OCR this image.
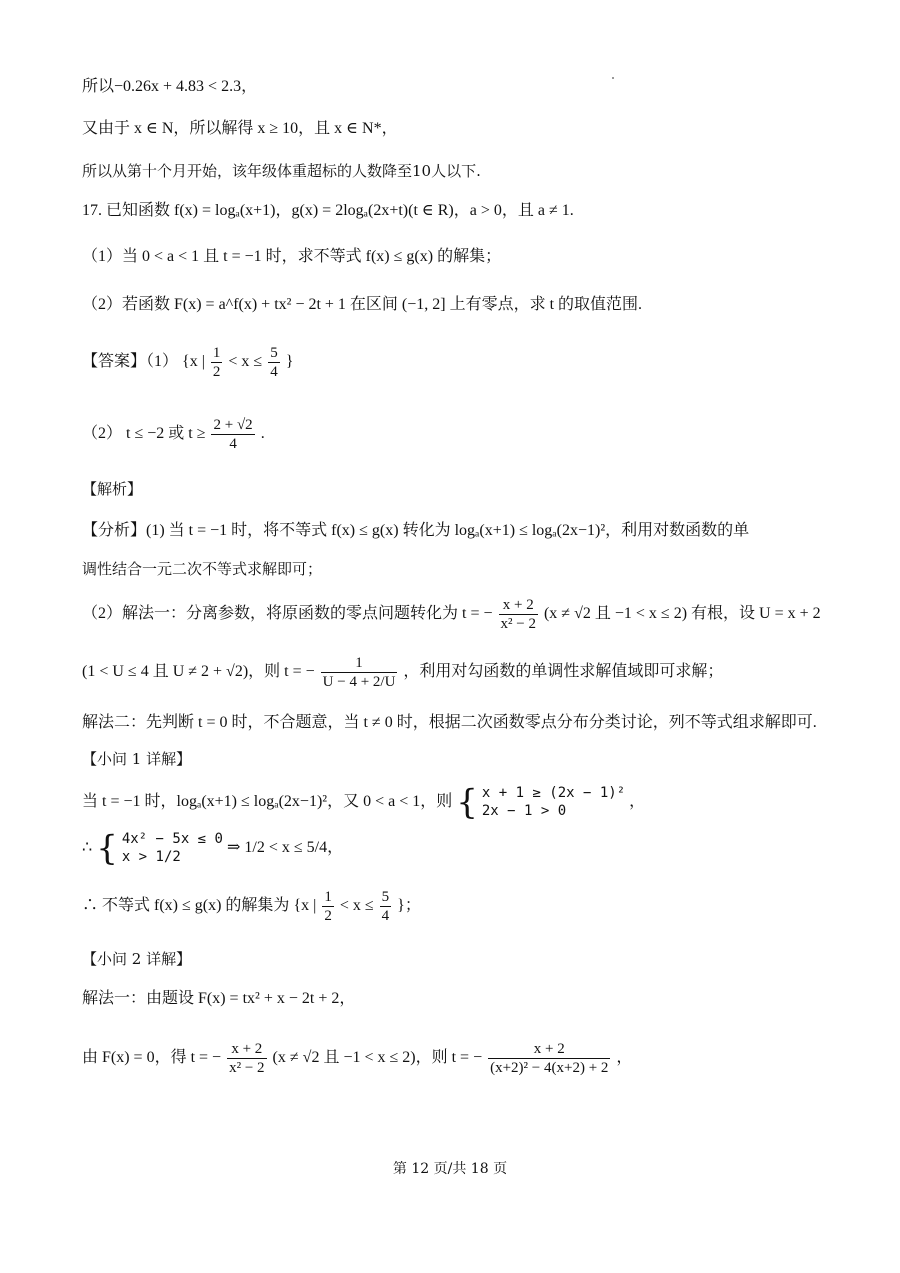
所以−0.26x + 4.83 < 2.3，
又由于 x ∈ N，所以解得 x ≥ 10，且 x ∈ N*，
所以从第十个月开始，该年级体重超标的人数降至10人以下.
17. 已知函数 f(x) = logₐ(x+1)，g(x) = 2logₐ(2x+t)(t ∈ R)，a > 0，且 a ≠ 1.
（1）当 0 < a < 1 且 t = −1 时，求不等式 f(x) ≤ g(x) 的解集；
（2）若函数 F(x) = a^f(x) + tx² − 2t + 1 在区间 (−1, 2] 上有零点，求 t 的取值范围.
【答案】（1） {x | $\frac{1}{2} < x \le \frac{5}{4}$ }
（2） t ≤ −2 或 $t \ge \frac{2 + √2}{4}$ .
【解析】
【分析】(1) 当 t = −1 时，将不等式 f(x) ≤ g(x) 转化为 logₐ(x+1) ≤ logₐ(2x−1)²，利用对数函数的单
调性结合一元二次不等式求解即可；
（2）解法一：分离参数，将原函数的零点问题转化为 t = − $\frac{x + 2}{\text{x² − 2}} (x \ne √2$ 且 −1 < x ≤ 2) 有根，设 U = x + 2
(1 < U ≤ 4 且 U ≠ 2 + √2)，则 t = − $\frac{1}{U - 4 + 2/U}$ ，利用对勾函数的单调性求解值域即可求解；
解法二：先判断 t = 0 时，不合题意，当 t ≠ 0 时，根据二次函数零点分布分类讨论，列不等式组求解即可.
【小问 1 详解】
当 t = −1 时，logₐ(x+1) ≤ logₐ(2x−1)²，又 0 < a < 1，则 { x + 1 ≥ (2x − 1)²
2x − 1 > 0
，
∴ { 4x² − 5x ≤ 0
x > 1/2
⇒ 1/2 < x ≤ 5/4，
∴ 不等式 f(x) ≤ g(x) 的解集为 {x | $\frac{1}{2} < x \le \frac{5}{4}$ }；
【小问 2 详解】
解法一：由题设 F(x) = tx² + x − 2t + 2，
由 F(x) = 0，得 t = − $\frac{x + 2}{\text{x² − 2}} (x \ne √2$ 且 −1 < x ≤ 2)，则 t = − $\frac{x + 2}{\text{(x+2)² − 4(x+2) + 2}}$ ，
第 12 页/共 18 页
